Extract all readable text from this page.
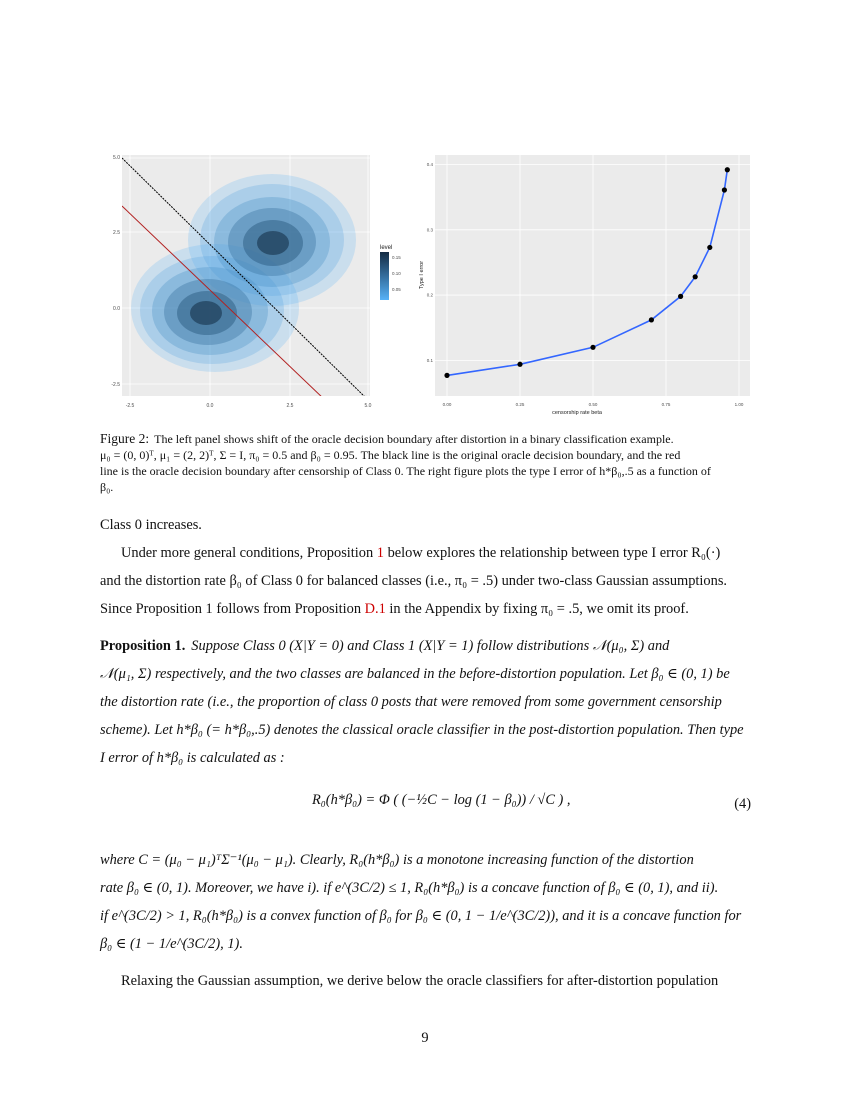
-2.5	0.0	2.5	5.0
5.0
2.5
0.0
-2.5
level
0.15
0.10
0.05
0.00	0.25	0.50	0.75	1.00
0.4
0.3
0.2
0.1
censorship rate beta
Type I error
Figure 2: The left panel shows shift of the oracle decision boundary after distortion in a binary classification example.
μ₀ = (0, 0)ᵀ, μ₁ = (2, 2)ᵀ, Σ = I, π₀ = 0.5 and β₀ = 0.95. The black line is the original oracle decision boundary, and the red
line is the oracle decision boundary after censorship of Class 0. The right figure plots the type I error of h*β₀,.5 as a function of
β₀.
Class 0 increases.
Under more general conditions, Proposition 1 below explores the relationship between type I error R₀(·)
and the distortion rate β₀ of Class 0 for balanced classes (i.e., π₀ = .5) under two-class Gaussian assumptions.
Since Proposition 1 follows from Proposition D.1 in the Appendix by fixing π₀ = .5, we omit its proof.
Proposition 1. Suppose Class 0 (X|Y = 0) and Class 1 (X|Y = 1) follow distributions 𝒩(μ₀, Σ) and
𝒩(μ₁, Σ) respectively, and the two classes are balanced in the before-distortion population. Let β₀ ∈ (0, 1) be
the distortion rate (i.e., the proportion of class 0 posts that were removed from some government censorship
scheme). Let h*β₀ (= h*β₀,.5) denotes the classical oracle classifier in the post-distortion population. Then type
I error of h*β₀ is calculated as :
R₀(h*β₀) = Φ ( (−½C − log (1 − β₀)) / √C ) ,	(4)
where C = (μ₀ − μ₁)ᵀΣ⁻¹(μ₀ − μ₁). Clearly, R₀(h*β₀) is a monotone increasing function of the distortion
rate β₀ ∈ (0, 1). Moreover, we have i). if e^(3C/2) ≤ 1, R₀(h*β₀) is a concave function of β₀ ∈ (0, 1), and ii).
if e^(3C/2) > 1, R₀(h*β₀) is a convex function of β₀ for β₀ ∈ (0, 1 − 1/e^(3C/2)), and it is a concave function for
β₀ ∈ (1 − 1/e^(3C/2), 1).
Relaxing the Gaussian assumption, we derive below the oracle classifiers for after-distortion population
9
